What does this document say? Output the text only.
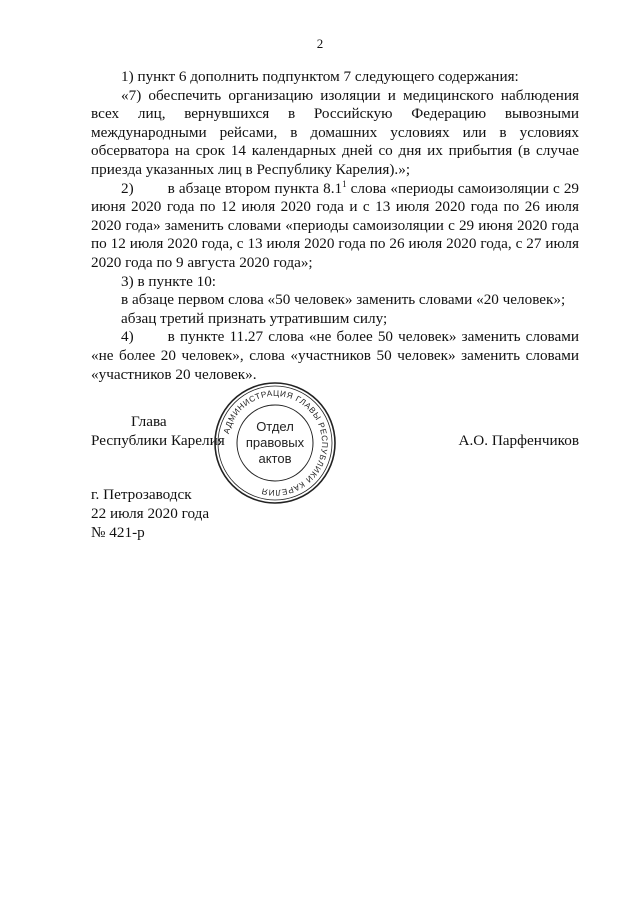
2

1) пункт 6 дополнить подпунктом 7 следующего содержания:

«7) обеспечить организацию изоляции и медицинского наблюдения всех лиц, вернувшихся в Российскую Федерацию вывозными международными рейсами, в домашних условиях или в условиях обсерватора на срок 14 календарных дней со дня их прибытия (в случае приезда указанных лиц в Республику Карелия).»;

2) в абзаце втором пункта $8.1^1$ слова «периоды самоизоляции с 29 июня 2020 года по 12 июля 2020 года и с 13 июля 2020 года по 26 июля 2020 года» заменить словами «периоды самоизоляции с 29 июня 2020 года по 12 июля 2020 года, с 13 июля 2020 года по 26 июля 2020 года, с 27 июля 2020 года по 9 августа 2020 года»;

3) в пункте 10:

в абзаце первом слова «50 человек» заменить словами «20 человек»;

абзац третий признать утратившим силу;

4) в пункте 11.27 слова «не более 50 человек» заменить словами «не более 20 человек», слова «участников 50 человек» заменить словами «участников 20 человек».

Глава
Республики Карелия	А.О. Парфенчиков
АДМИНИСТРАЦИЯ ГЛАВЫ РЕСПУБЛИКИ КАРЕЛИЯ
Отдел
правовых
актов
г. Петрозаводск
22 июля 2020 года
№ 421-р
